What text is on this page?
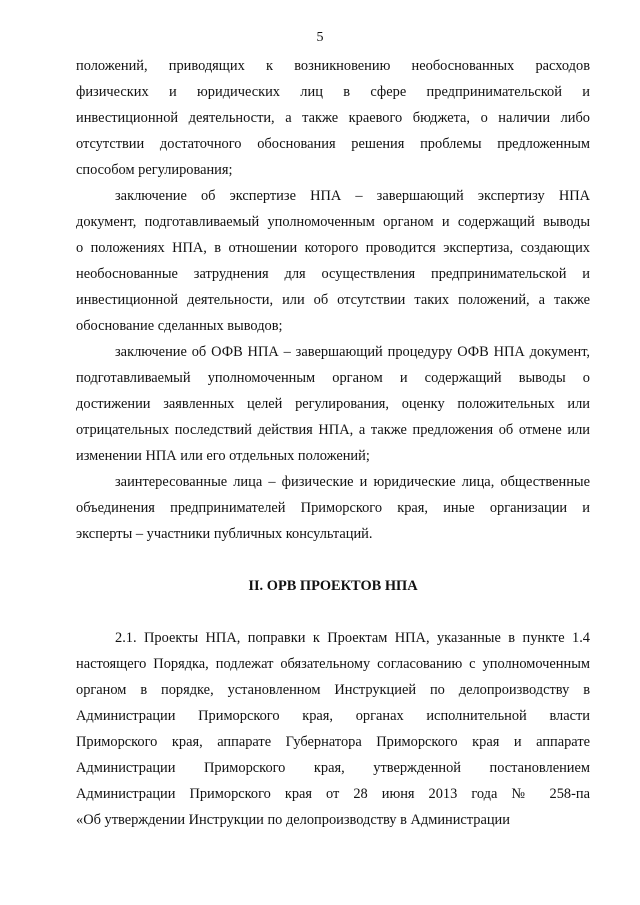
5
положений, приводящих к возникновению необоснованных расходов
физических и юридических лиц в сфере предпринимательской и
инвестиционной деятельности, а также краевого бюджета, о наличии либо
отсутствии достаточного обоснования решения проблемы предложенным
способом регулирования;
заключение об экспертизе НПА – завершающий экспертизу НПА
документ, подготавливаемый уполномоченным органом и содержащий выводы
о положениях НПА, в отношении которого проводится экспертиза, создающих
необоснованные затруднения для осуществления предпринимательской и
инвестиционной деятельности, или об отсутствии таких положений, а также
обоснование сделанных выводов;
заключение об ОФВ НПА – завершающий процедуру ОФВ НПА документ,
подготавливаемый уполномоченным органом и содержащий выводы о
достижении заявленных целей регулирования, оценку положительных или
отрицательных последствий действия НПА, а также предложения об отмене или
изменении НПА или его отдельных положений;
заинтересованные лица – физические и юридические лица, общественные
объединения предпринимателей Приморского края, иные организации и
эксперты – участники публичных консультаций.
II. ОРВ ПРОЕКТОВ НПА
2.1. Проекты НПА, поправки к Проектам НПА, указанные в пункте 1.4
настоящего Порядка, подлежат обязательному согласованию с уполномоченным
органом в порядке, установленном Инструкцией по делопроизводству в
Администрации Приморского края, органах исполнительной власти
Приморского края, аппарате Губернатора Приморского края и аппарате
Администрации Приморского края, утвержденной постановлением
Администрации Приморского края от 28 июня 2013 года № 258-па
«Об утверждении Инструкции по делопроизводству в Администрации
